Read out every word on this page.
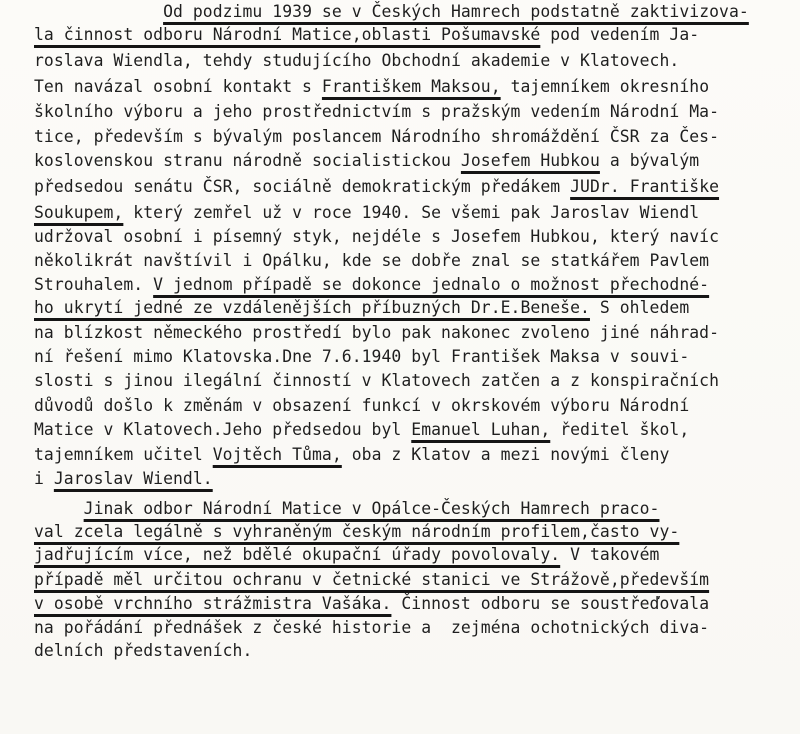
Od podzimu 1939 se v Českých Hamrech podstatně zaktivizova-
la činnost odboru Národní Matice,oblasti Pošumavské pod vedením Ja-
roslava Wiendla, tehdy studujícího Obchodní akademie v Klatovech.
Ten navázal osobní kontakt s Františkem Maksou, tajemníkem okresního
školního výboru a jeho prostřednictvím s pražským vedením Národní Ma-
tice, především s bývalým poslancem Národního shromáždění ČSR za Čes-
koslovenskou stranu národně socialistickou Josefem Hubkou a bývalým
předsedou senátu ČSR, sociálně demokratickým předákem JUDr. Františke
Soukupem, který zemřel už v roce 1940. Se všemi pak Jaroslav Wiendl
udržoval osobní i písemný styk, nejdéle s Josefem Hubkou, který navíc
několikrát navštívil i Opálku, kde se dobře znal se statkářem Pavlem
Strouhalem. V jednom případě se dokonce jednalo o možnost přechodné-
ho ukrytí jedné ze vzdálenějších příbuzných Dr.E.Beneše. S ohledem
na blízkost německého prostředí bylo pak nakonec zvoleno jiné náhrad-
ní řešení mimo Klatovska.Dne 7.6.1940 byl František Maksa v souvi-
slosti s jinou ilegální činností v Klatovech zatčen a z konspiračních
důvodů došlo k změnám v obsazení funkcí v okrskovém výboru Národní
Matice v Klatovech.Jeho předsedou byl Emanuel Luhan, ředitel škol,
tajemníkem učitel Vojtěch Tůma, oba z Klatov a mezi novými členy
i Jaroslav Wiendl.
Jinak odbor Národní Matice v Opálce-Českých Hamrech praco-
val zcela legálně s vyhraněným českým národním profilem,často vy-
jadřujícím více, než bdělé okupační úřady povolovaly. V takovém
případě měl určitou ochranu v četnické stanici ve Strážově,především
v osobě vrchního strážmistra Vašáka. Činnost odboru se soustřeďovala
na pořádání přednášek z české historie a  zejména ochotnických diva-
delních představeních.
